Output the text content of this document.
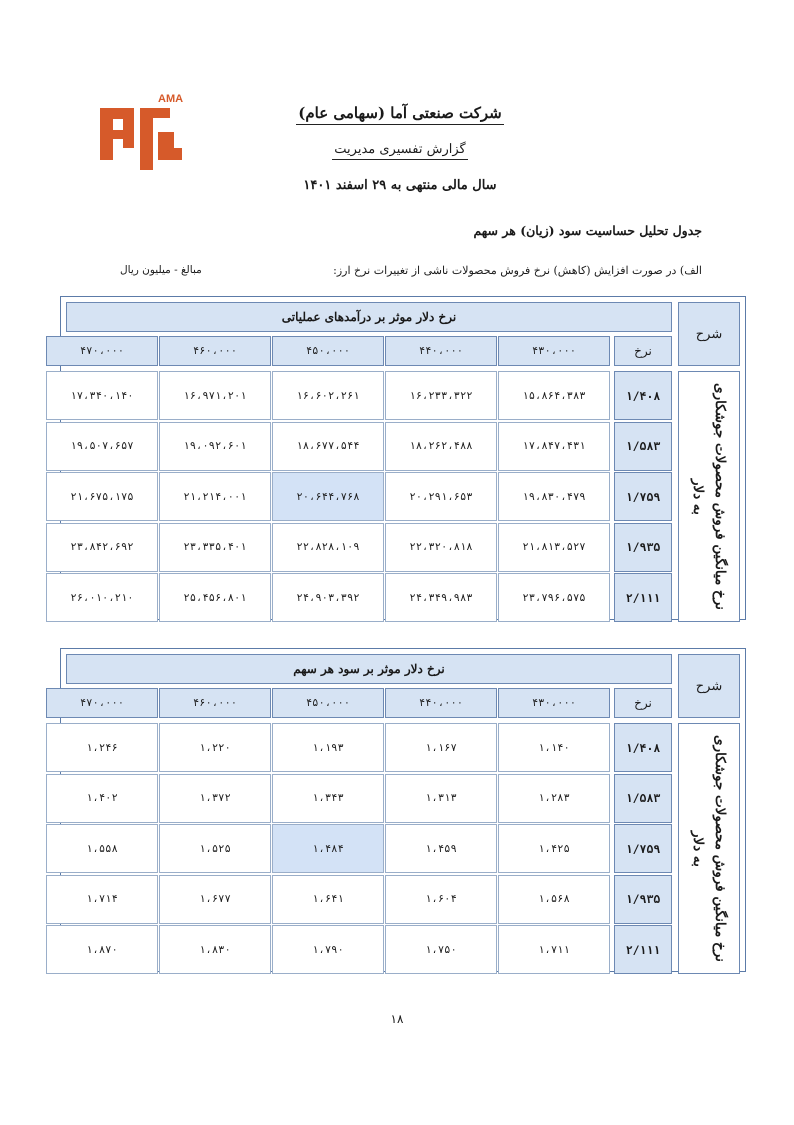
AMA
شرکت صنعتی آما (سهامی عام)
گزارش تفسیری مدیریت
سال مالی منتهی به ۲۹ اسفند ۱۴۰۱
جدول تحلیل حساسیت سود (زیان) هر سهم
الف) در صورت افزایش (کاهش) نرخ فروش محصولات ناشی از تغییرات نرخ ارز:
مبالغ - میلیون ریال
شرح
نرخ دلار موثر بر درآمدهای عملیاتی
نرخ
۴۳۰،۰۰۰
۴۴۰،۰۰۰
۴۵۰،۰۰۰
۴۶۰،۰۰۰
۴۷۰،۰۰۰
نرخ میانگین فروش محصولات جوشکاری به دلار
۱/۴۰۸
۱۵،۸۶۴،۳۸۳
۱۶،۲۳۳،۳۲۲
۱۶،۶۰۲،۲۶۱
۱۶،۹۷۱،۲۰۱
۱۷،۳۴۰،۱۴۰
۱/۵۸۳
۱۷،۸۴۷،۴۳۱
۱۸،۲۶۲،۴۸۸
۱۸،۶۷۷،۵۴۴
۱۹،۰۹۲،۶۰۱
۱۹،۵۰۷،۶۵۷
۱/۷۵۹
۱۹،۸۳۰،۴۷۹
۲۰،۲۹۱،۶۵۳
۲۰،۶۴۴،۷۶۸
۲۱،۲۱۴،۰۰۱
۲۱،۶۷۵،۱۷۵
۱/۹۳۵
۲۱،۸۱۳،۵۲۷
۲۲،۳۲۰،۸۱۸
۲۲،۸۲۸،۱۰۹
۲۳،۳۳۵،۴۰۱
۲۳،۸۴۲،۶۹۲
۲/۱۱۱
۲۳،۷۹۶،۵۷۵
۲۴،۳۴۹،۹۸۳
۲۴،۹۰۳،۳۹۲
۲۵،۴۵۶،۸۰۱
۲۶،۰۱۰،۲۱۰
شرح
نرخ دلار موثر بر سود هر سهم
نرخ
۴۳۰،۰۰۰
۴۴۰،۰۰۰
۴۵۰،۰۰۰
۴۶۰،۰۰۰
۴۷۰،۰۰۰
نرخ میانگین فروش محصولات جوشکاری به دلار
۱/۴۰۸
۱،۱۴۰
۱،۱۶۷
۱،۱۹۳
۱،۲۲۰
۱،۲۴۶
۱/۵۸۳
۱،۲۸۳
۱،۳۱۳
۱،۳۴۳
۱،۳۷۲
۱،۴۰۲
۱/۷۵۹
۱،۴۲۵
۱،۴۵۹
۱،۴۸۴
۱،۵۲۵
۱،۵۵۸
۱/۹۳۵
۱،۵۶۸
۱،۶۰۴
۱،۶۴۱
۱،۶۷۷
۱،۷۱۴
۲/۱۱۱
۱،۷۱۱
۱،۷۵۰
۱،۷۹۰
۱،۸۳۰
۱،۸۷۰
۱۸
